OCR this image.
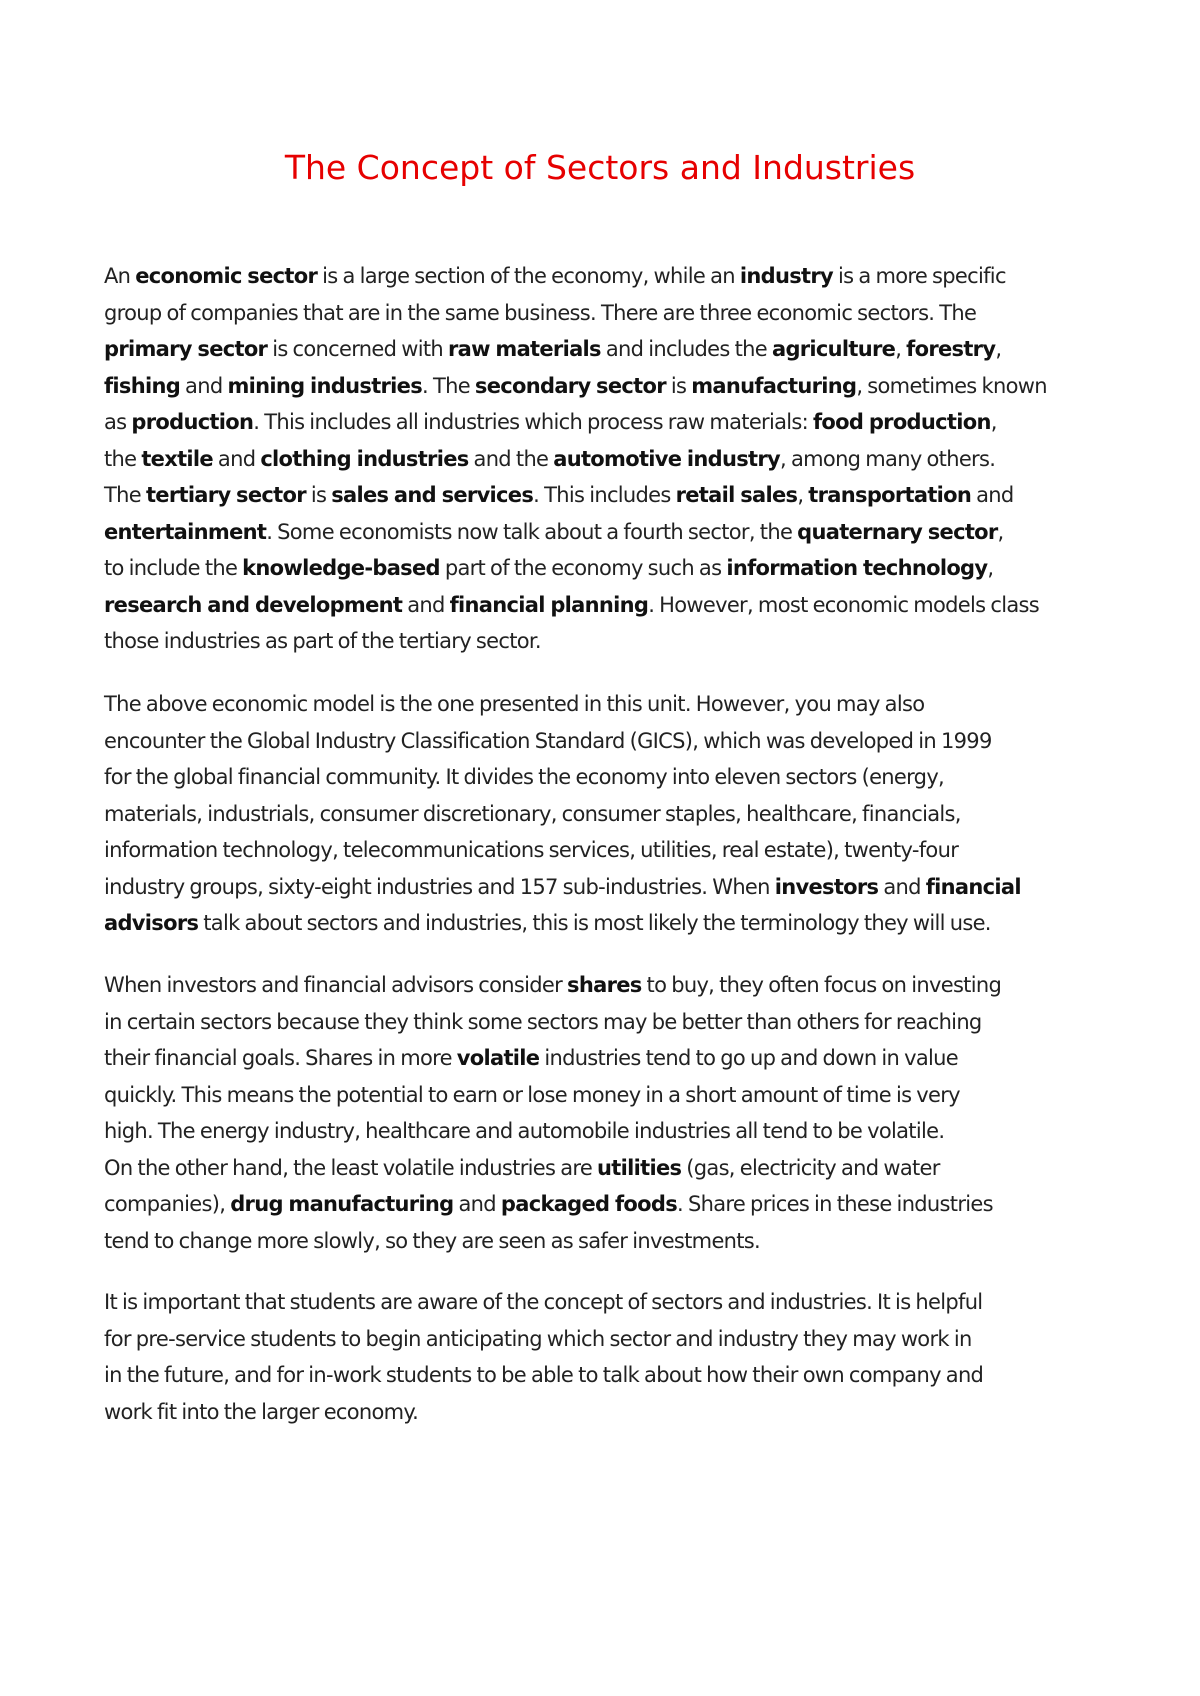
The Concept of Sectors and Industries
An economic sector is a large section of the economy, while an industry is a more specific
group of companies that are in the same business. There are three economic sectors. The
primary sector is concerned with raw materials and includes the agriculture, forestry,
fishing and mining industries. The secondary sector is manufacturing, sometimes known
as production. This includes all industries which process raw materials: food production,
the textile and clothing industries and the automotive industry, among many others.
The tertiary sector is sales and services. This includes retail sales, transportation and
entertainment. Some economists now talk about a fourth sector, the quaternary sector,
to include the knowledge-based part of the economy such as information technology,
research and development and financial planning. However, most economic models class
those industries as part of the tertiary sector.
The above economic model is the one presented in this unit. However, you may also
encounter the Global Industry Classification Standard (GICS), which was developed in 1999
for the global financial community. It divides the economy into eleven sectors (energy,
materials, industrials, consumer discretionary, consumer staples, healthcare, financials,
information technology, telecommunications services, utilities, real estate), twenty-four
industry groups, sixty-eight industries and 157 sub-industries. When investors and financial
advisors talk about sectors and industries, this is most likely the terminology they will use.
When investors and financial advisors consider shares to buy, they often focus on investing
in certain sectors because they think some sectors may be better than others for reaching
their financial goals. Shares in more volatile industries tend to go up and down in value
quickly. This means the potential to earn or lose money in a short amount of time is very
high. The energy industry, healthcare and automobile industries all tend to be volatile.
On the other hand, the least volatile industries are utilities (gas, electricity and water
companies), drug manufacturing and packaged foods. Share prices in these industries
tend to change more slowly, so they are seen as safer investments.
It is important that students are aware of the concept of sectors and industries. It is helpful
for pre-service students to begin anticipating which sector and industry they may work in
in the future, and for in-work students to be able to talk about how their own company and
work fit into the larger economy.
